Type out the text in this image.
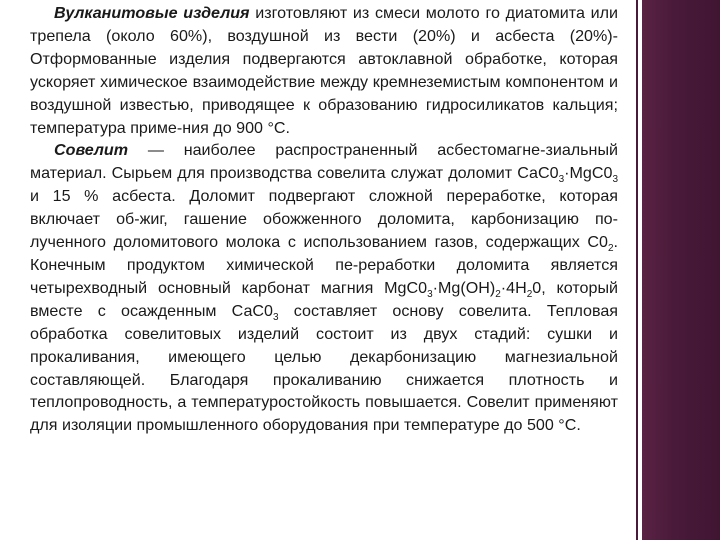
Вулканитовые изделия изготовляют из смеси молото го диатомита или трепела (около 60%), воздушной из вести (20%) и асбеста (20%)- Отформованные изделия подвергаются автоклавной обработке, которая ускоряет химическое взаимодействие между кремнеземистым компонентом и воздушной известью, приводящее к образованию гидросиликатов кальция; температура приме-ния до 900 °С.

Совелит — наиболее распространенный асбестомагне-зиальный материал. Сырьем для производства совелита служат доломит $СаС0_3\cdot MgC0_3$ и 15 % асбеста. Доломит подвергают сложной переработке, которая включает об-жиг, гашение обожженного доломита, карбонизацию по-лученного доломитового молока с использованием газов, содержащих $С0_2$. Конечным продуктом химической пе-реработки доломита является четырехводный основный карбонат магния $MgC0_3\cdot Mg(OH)_2\cdot 4H_20$, который вместе с осажденным $СаС0_3$ составляет основу совелита. Тепловая обработка совелитовых изделий состоит из двух стадий: сушки и прокаливания, имеющего целью декарбонизацию магнезиальной составляющей. Благодаря прокаливанию снижается плотность и теплопроводность, а температуростойкость повышается. Совелит применяют для изоляции промышленного оборудования при температуре до 500 °С.
